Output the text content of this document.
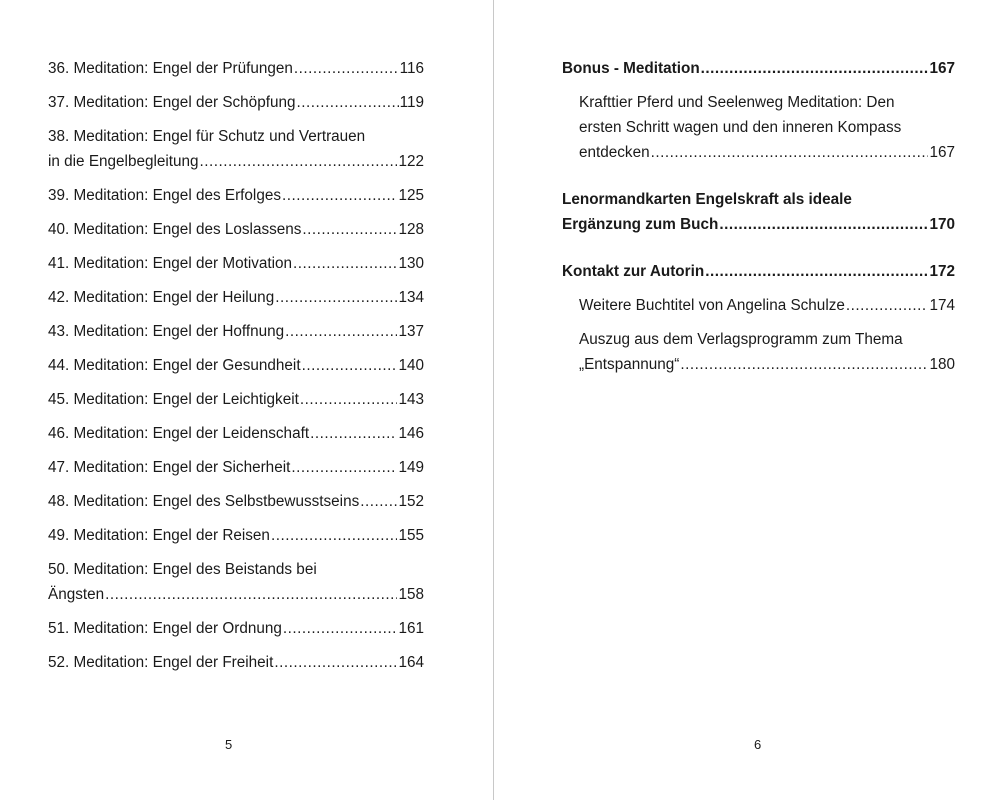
36. Meditation: Engel der Prüfungen .....	116
37. Meditation: Engel der Schöpfung .....	119
38. Meditation: Engel für Schutz und Vertrauen
in die Engelbegleitung .....	122
39. Meditation: Engel des Erfolges .....	125
40. Meditation: Engel des Loslassens .....	128
41. Meditation: Engel der Motivation .....	130
42. Meditation: Engel der Heilung .....	134
43. Meditation: Engel der Hoffnung .....	137
44. Meditation: Engel der Gesundheit .....	140
45. Meditation: Engel der Leichtigkeit .....	143
46. Meditation: Engel der Leidenschaft .....	146
47. Meditation: Engel der Sicherheit .....	149
48. Meditation: Engel des Selbstbewusstseins .....	152
49. Meditation: Engel der Reisen .....	155
50. Meditation: Engel des Beistands bei
Ängsten .....	158
51. Meditation: Engel der Ordnung .....	161
52. Meditation: Engel der Freiheit .....	164
5
Bonus - Meditation .....	167
Krafttier Pferd und Seelenweg Meditation: Den
ersten Schritt wagen und den inneren Kompass
entdecken .....	167
Lenormandkarten Engelskraft als ideale
Ergänzung zum Buch .....	170
Kontakt zur Autorin .....	172
Weitere Buchtitel von Angelina Schulze .....	174
Auszug aus dem Verlagsprogramm zum Thema
„Entspannung“ .....	180
6
